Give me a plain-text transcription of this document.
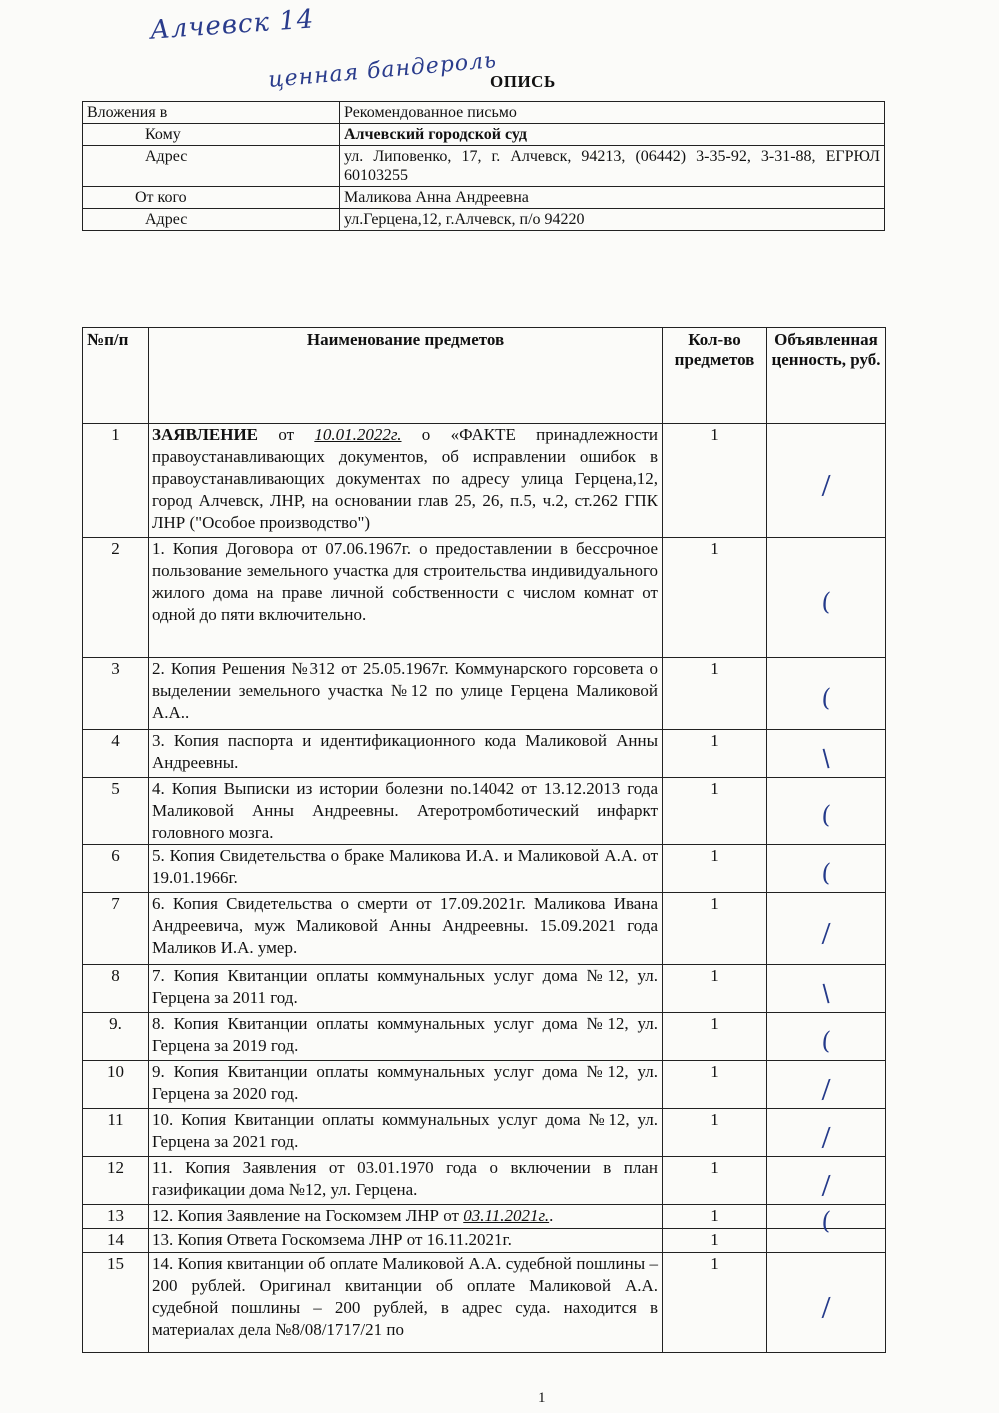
Алчевск 14
ценная бандероль
ОПИСЬ
Вложения в	Рекомендованное письмо
Кому	Алчевский городской суд
Адрес	ул. Липовенко, 17, г. Алчевск, 94213, (06442) 3-35-92, 3-31-88, ЕГРЮЛ 60103255
От кого	Маликова Анна Андреевна
Адрес	ул.Герцена,12, г.Алчевск, п/о 94220
№п/п	Наименование предметов	Кол-во предметов	Объявленная ценность, руб.
1	ЗАЯВЛЕНИЕ от 10.01.2022г. о «ФАКТЕ принадлежности правоустанавливающих документов, об исправлении ошибок в правоустанавливающих документах по адресу улица Герцена,12, город Алчевск, ЛНР, на основании глав 25, 26, п.5, ч.2, ст.262 ГПК ЛНР ("Особое производство")	1	/

2	1. Копия Договора от 07.06.1967г. о предоставлении в бессрочное пользование земельного участка для строительства индивидуального жилого дома на праве личной собственности с числом комнат от одной до пяти включительно.	1	(

3	2. Копия Решения №312 от 25.05.1967г. Коммунарского горсовета о выделении земельного участка №12 по улице Герцена Маликовой А.А..	1	(

4	3. Копия паспорта и идентификационного кода Маликовой Анны Андреевны.	1	\

5	4. Копия Выписки из истории болезни no.14042 от 13.12.2013 года Маликовой Анны Андреевны. Атеротромботический инфаркт головного мозга.	1	(

6	5. Копия Свидетельства о браке Маликова И.А. и Маликовой А.А. от 19.01.1966г.	1	(

7	6. Копия Свидетельства о смерти от 17.09.2021г. Маликова Ивана Андреевича, муж Маликовой Анны Андреевны. 15.09.2021 года Маликов И.А. умер.	1	/

8	7. Копия Квитанции оплаты коммунальных услуг дома №12, ул. Герцена за 2011 год.	1	\

9.	8. Копия Квитанции оплаты коммунальных услуг дома №12, ул. Герцена за 2019 год.	1	(

10	9. Копия Квитанции оплаты коммунальных услуг дома №12, ул. Герцена за 2020 год.	1	/

11	10. Копия Квитанции оплаты коммунальных услуг дома №12, ул. Герцена за 2021 год.	1	/

12	11. Копия Заявления от 03.01.1970 года о включении в план газификации дома №12, ул. Герцена.	1	/

13	12. Копия Заявление на Госкомзем ЛНР от 03.11.2021г..	1	(

14	13. Копия Ответа Госкомзема ЛНР от 16.11.2021г.	1	

15	14. Копия квитанции об оплате Маликовой А.А. судебной пошлины – 200 рублей. Оригинал квитанции об оплате Маликовой А.А. судебной пошлины – 200 рублей, в адрес суда. находится в материалах дела №8/08/1717/21 по	1	/
1
